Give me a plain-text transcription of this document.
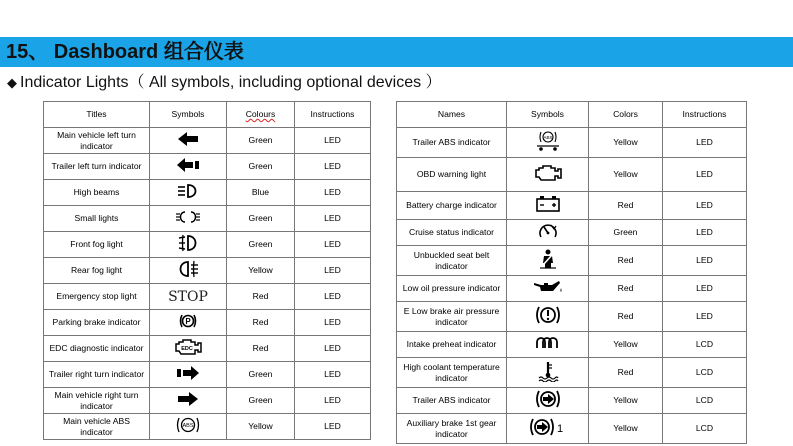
15、 Dashboard 组合仪表
◆ Indicator Lights（ All symbols, including optional devices ）
Titles	Symbols	Colours	Instructions
Main vehicle left turn indicator		Green	LED
Trailer left turn indicator		Green	LED
High beams		Blue	LED
Small lights		Green	LED
Front fog light		Green	LED
Rear fog light		Yellow	LED
Emergency stop light	STOP	Red	LED
Parking brake indicator	P	Red	LED
EDC diagnostic indicator	EDC	Red	LED
Trailer right turn indicator		Green	LED
Main vehicle right turn indicator		Green	LED
Main vehicle ABS indicator	ABS	Yellow	LED
Names	Symbols	Colors	Instructions
Trailer ABS indicator	ABS	Yellow	LED
OBD warning light		Yellow	LED
Battery charge indicator		Red	LED
Cruise status indicator		Green	LED
Unbuckled seat belt indicator		Red	LED
Low oil pressure indicator		Red	LED
E Low brake air pressure indicator		Red	LED
Intake preheat indicator		Yellow	LCD
High coolant temperature indicator		Red	LCD
Trailer ABS indicator		Yellow	LCD
Auxiliary brake 1st gear indicator	1	Yellow	LCD
